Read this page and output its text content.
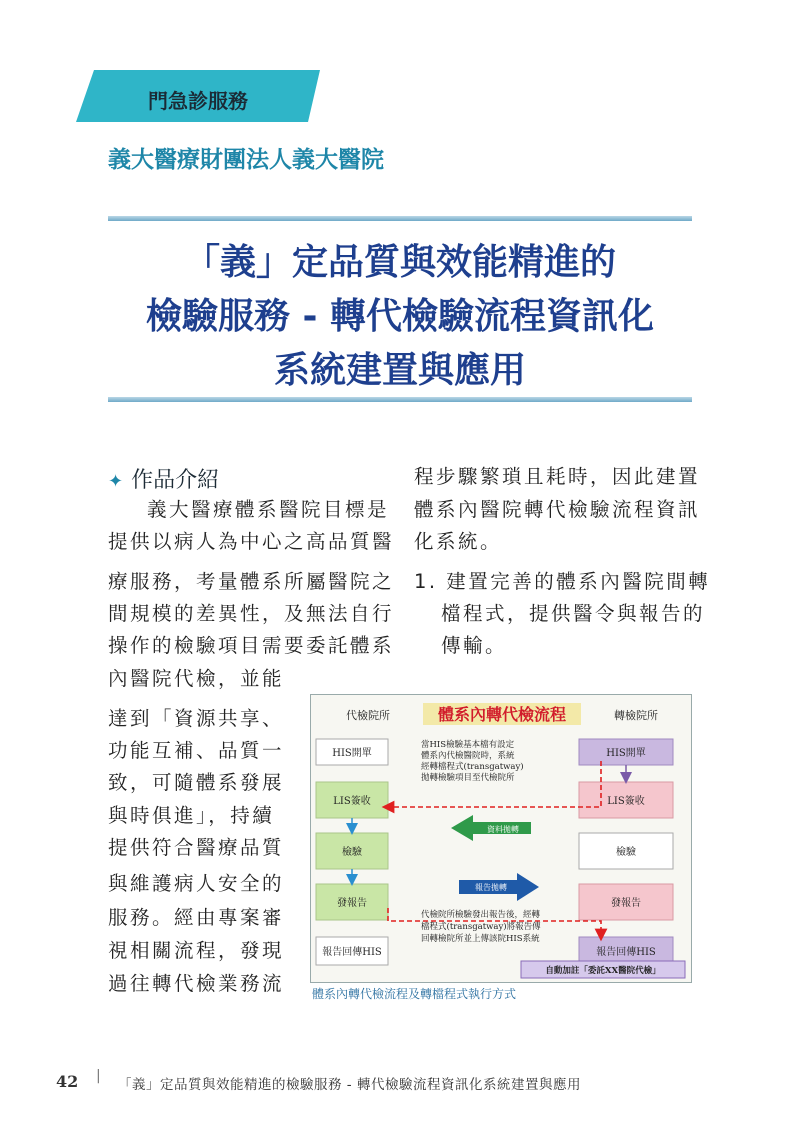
門急診服務
義大醫療財團法人義大醫院
「義」定品質與效能精進的
檢驗服務 - 轉代檢驗流程資訊化
系統建置與應用
✦ 作品介紹
義大醫療體系醫院目標是
提供以病人為中心之高品質醫
療服務，考量體系所屬醫院之
間規模的差異性，及無法自行
操作的檢驗項目需要委託體系
內醫院代檢，並能
達到「資源共享、
功能互補、品質一
致，可隨體系發展
與時俱進」，持續
提供符合醫療品質
與維護病人安全的
服務。經由專案審
視相關流程，發現
過往轉代檢業務流
程步驟繁瑣且耗時，因此建置
體系內醫院轉代檢驗流程資訊
化系統。
1. 建置完善的體系內醫院間轉
檔程式，提供醫令與報告的
傳輸。
代檢院所	體系內轉代檢流程	轉檢院所
HIS開單
LIS簽收
檢驗
發報告
報告回傳HIS
HIS開單
LIS簽收
檢驗
發報告
報告回傳HIS
當HIS檢驗基本檔有設定
體系內代檢醫院時，系統
經轉檔程式(transgatway)
拋轉檢驗項目至代檢院所
資料拋轉
報告拋轉
代檢院所檢驗發出報告後，經轉
檔程式(transgatway)將報告傳
回轉檢院所並上傳該院HIS系統
自動加註「委託XX醫院代檢」
體系內轉代檢流程及轉檔程式執行方式
42 |
「義」定品質與效能精進的檢驗服務 - 轉代檢驗流程資訊化系統建置與應用
